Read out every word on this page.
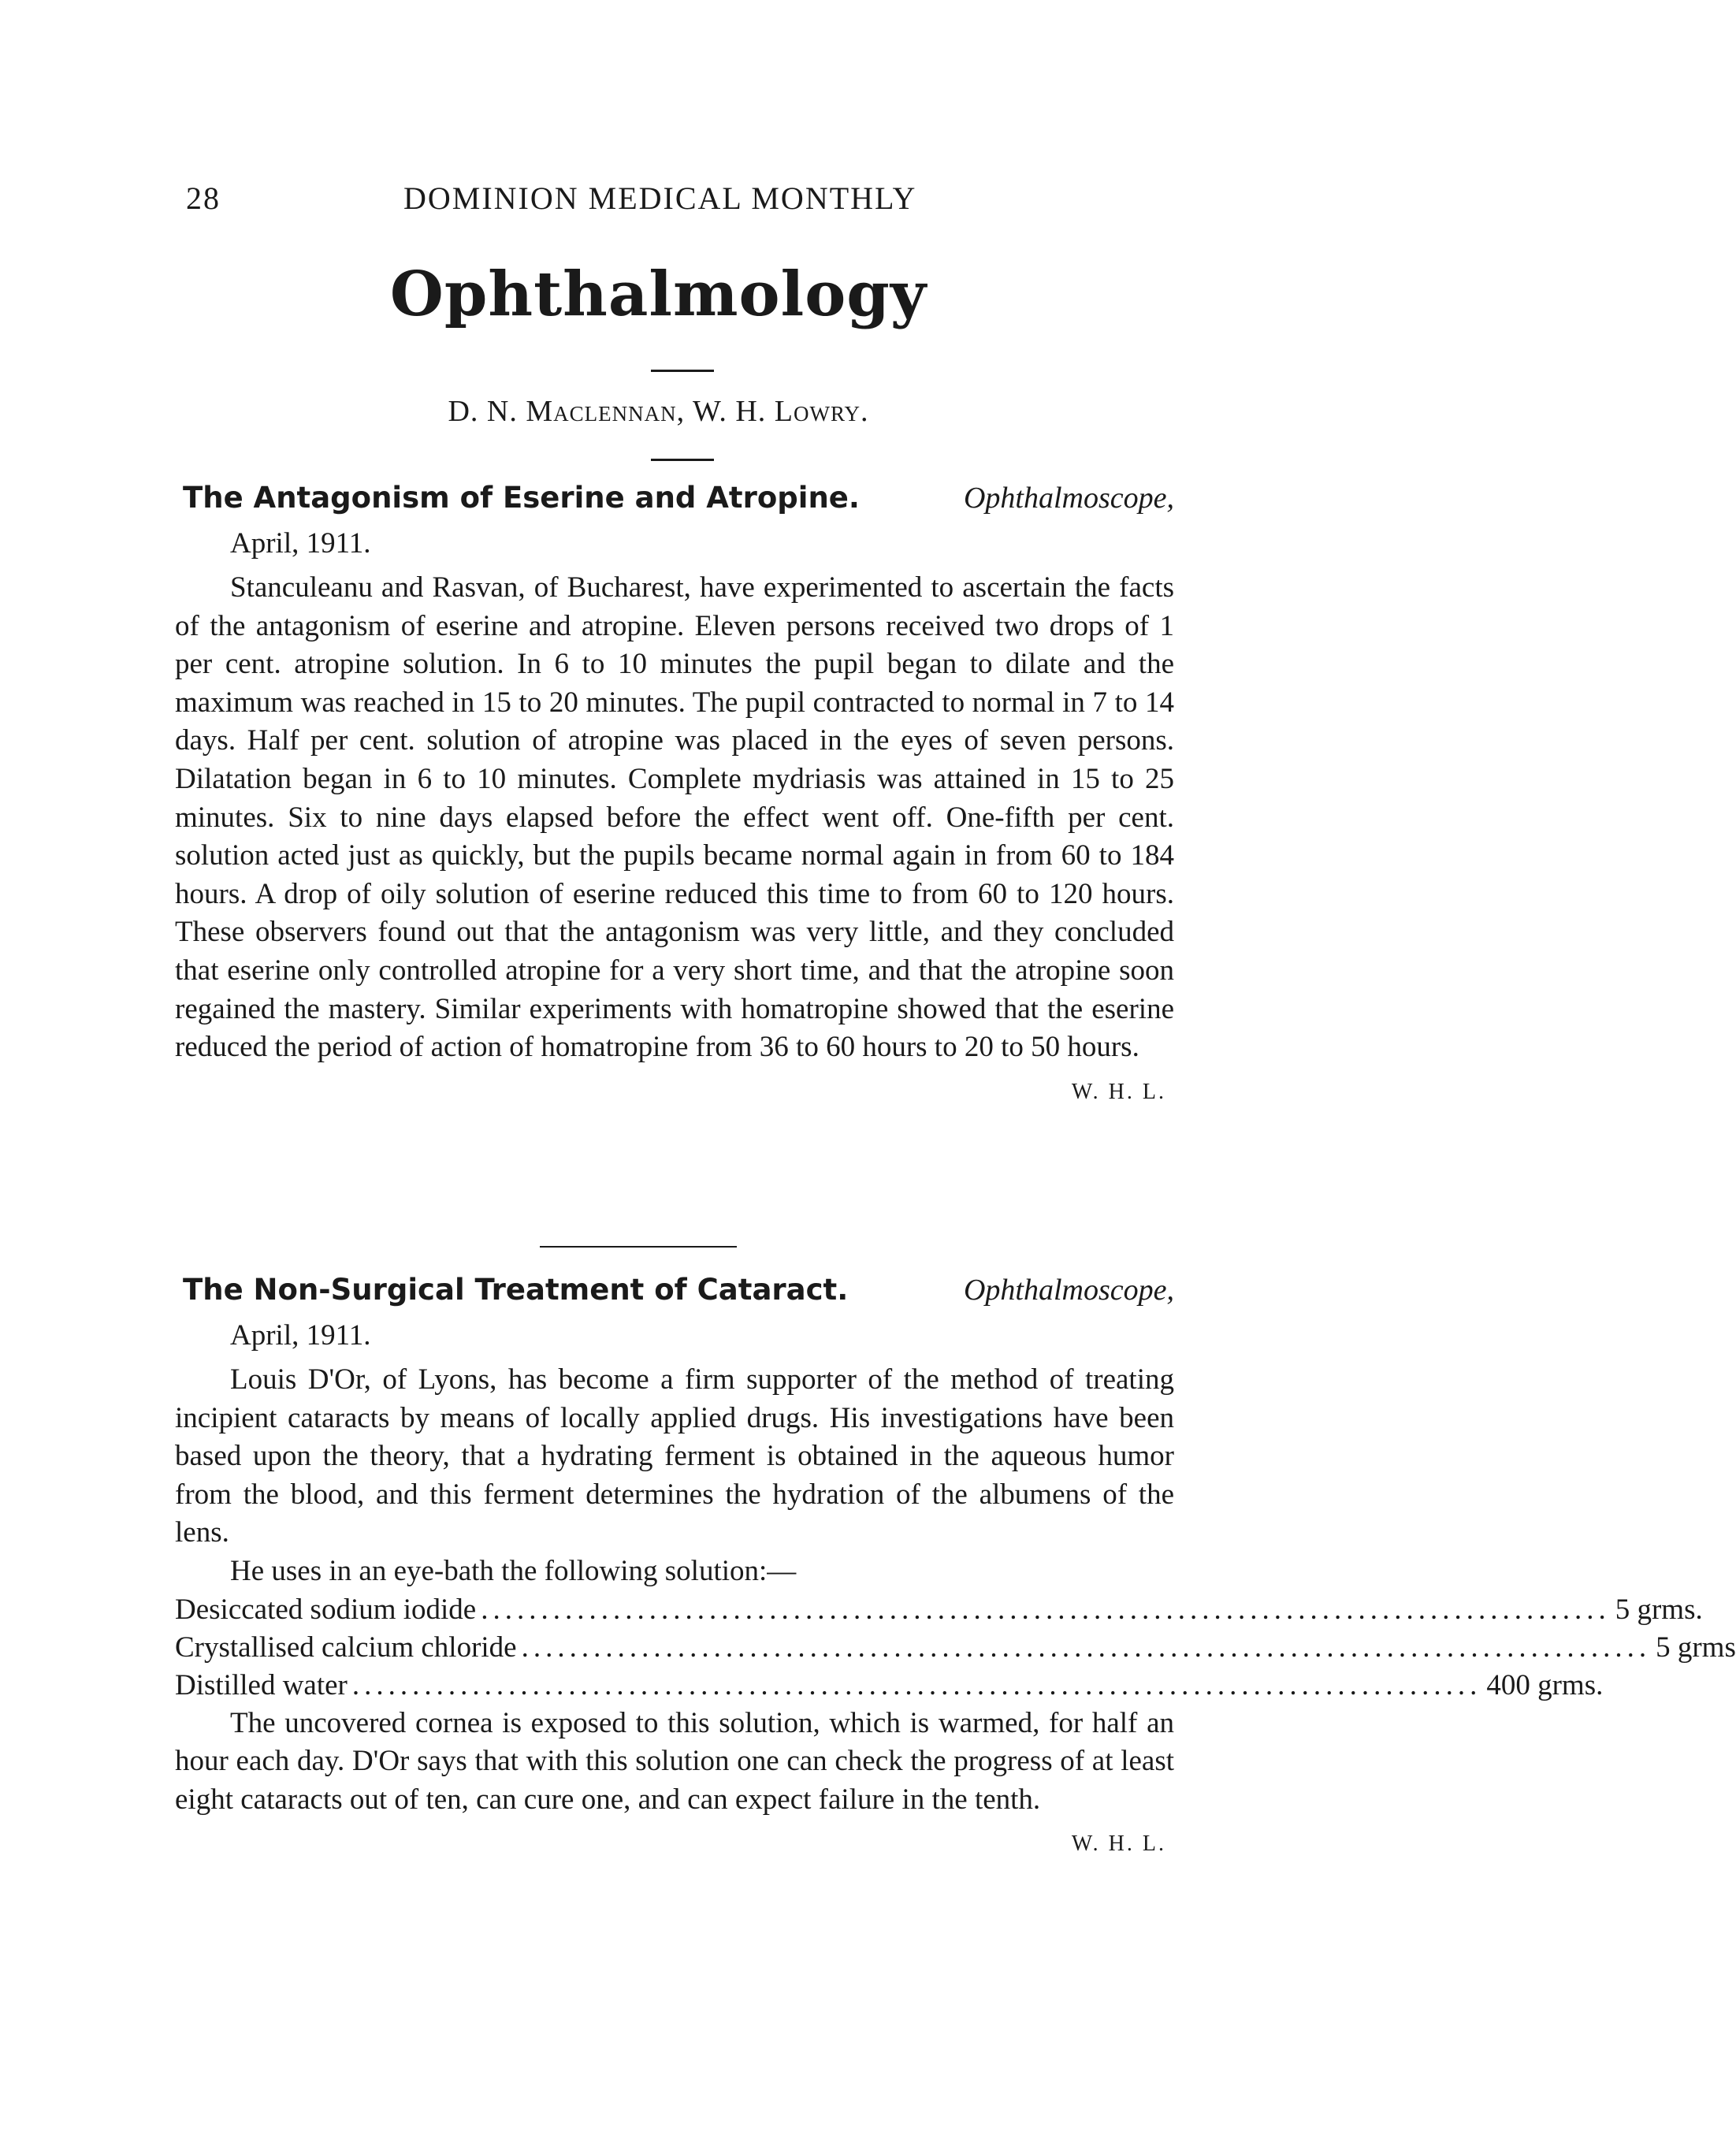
28	DOMINION MEDICAL MONTHLY
Ophthalmology
D. N. Maclennan, W. H. Lowry.
The Antagonism of Eserine and Atropine.	Ophthalmoscope,
April, 1911.

Stanculeanu and Rasvan, of Bucharest, have experimented to ascertain the facts of the antagonism of eserine and atropine. Eleven persons received two drops of 1 per cent. atropine solution. In 6 to 10 minutes the pupil began to dilate and the maximum was reached in 15 to 20 minutes. The pupil contracted to normal in 7 to 14 days. Half per cent. solution of atropine was placed in the eyes of seven persons. Dilatation began in 6 to 10 minutes. Complete mydriasis was attained in 15 to 25 minutes. Six to nine days elapsed before the effect went off. One-fifth per cent. solution acted just as quickly, but the pupils became normal again in from 60 to 184 hours. A drop of oily solution of eserine reduced this time to from 60 to 120 hours. These observers found out that the antagonism was very little, and they concluded that eserine only controlled atropine for a very short time, and that the atropine soon regained the mastery. Similar experiments with homatropine showed that the eserine reduced the period of action of homatropine from 36 to 60 hours to 20 to 50 hours.
W. H. L.

The Non-Surgical Treatment of Cataract.	Ophthalmoscope,
April, 1911.

Louis D'Or, of Lyons, has become a firm supporter of the method of treating incipient cataracts by means of locally applied drugs. His investigations have been based upon the theory, that a hydrating ferment is obtained in the aqueous humor from the blood, and this ferment determines the hydration of the albumens of the lens.

He uses in an eye-bath the following solution:—

Desiccated sodium iodide .............................................................................................. 5 grms.
Crystallised calcium chloride .............................................................................................. 5 grms
Distilled water .............................................................................................. 400 grms.

The uncovered cornea is exposed to this solution, which is warmed, for half an hour each day. D'Or says that with this solution one can check the progress of at least eight cataracts out of ten, can cure one, and can expect failure in the tenth.
W. H. L.
